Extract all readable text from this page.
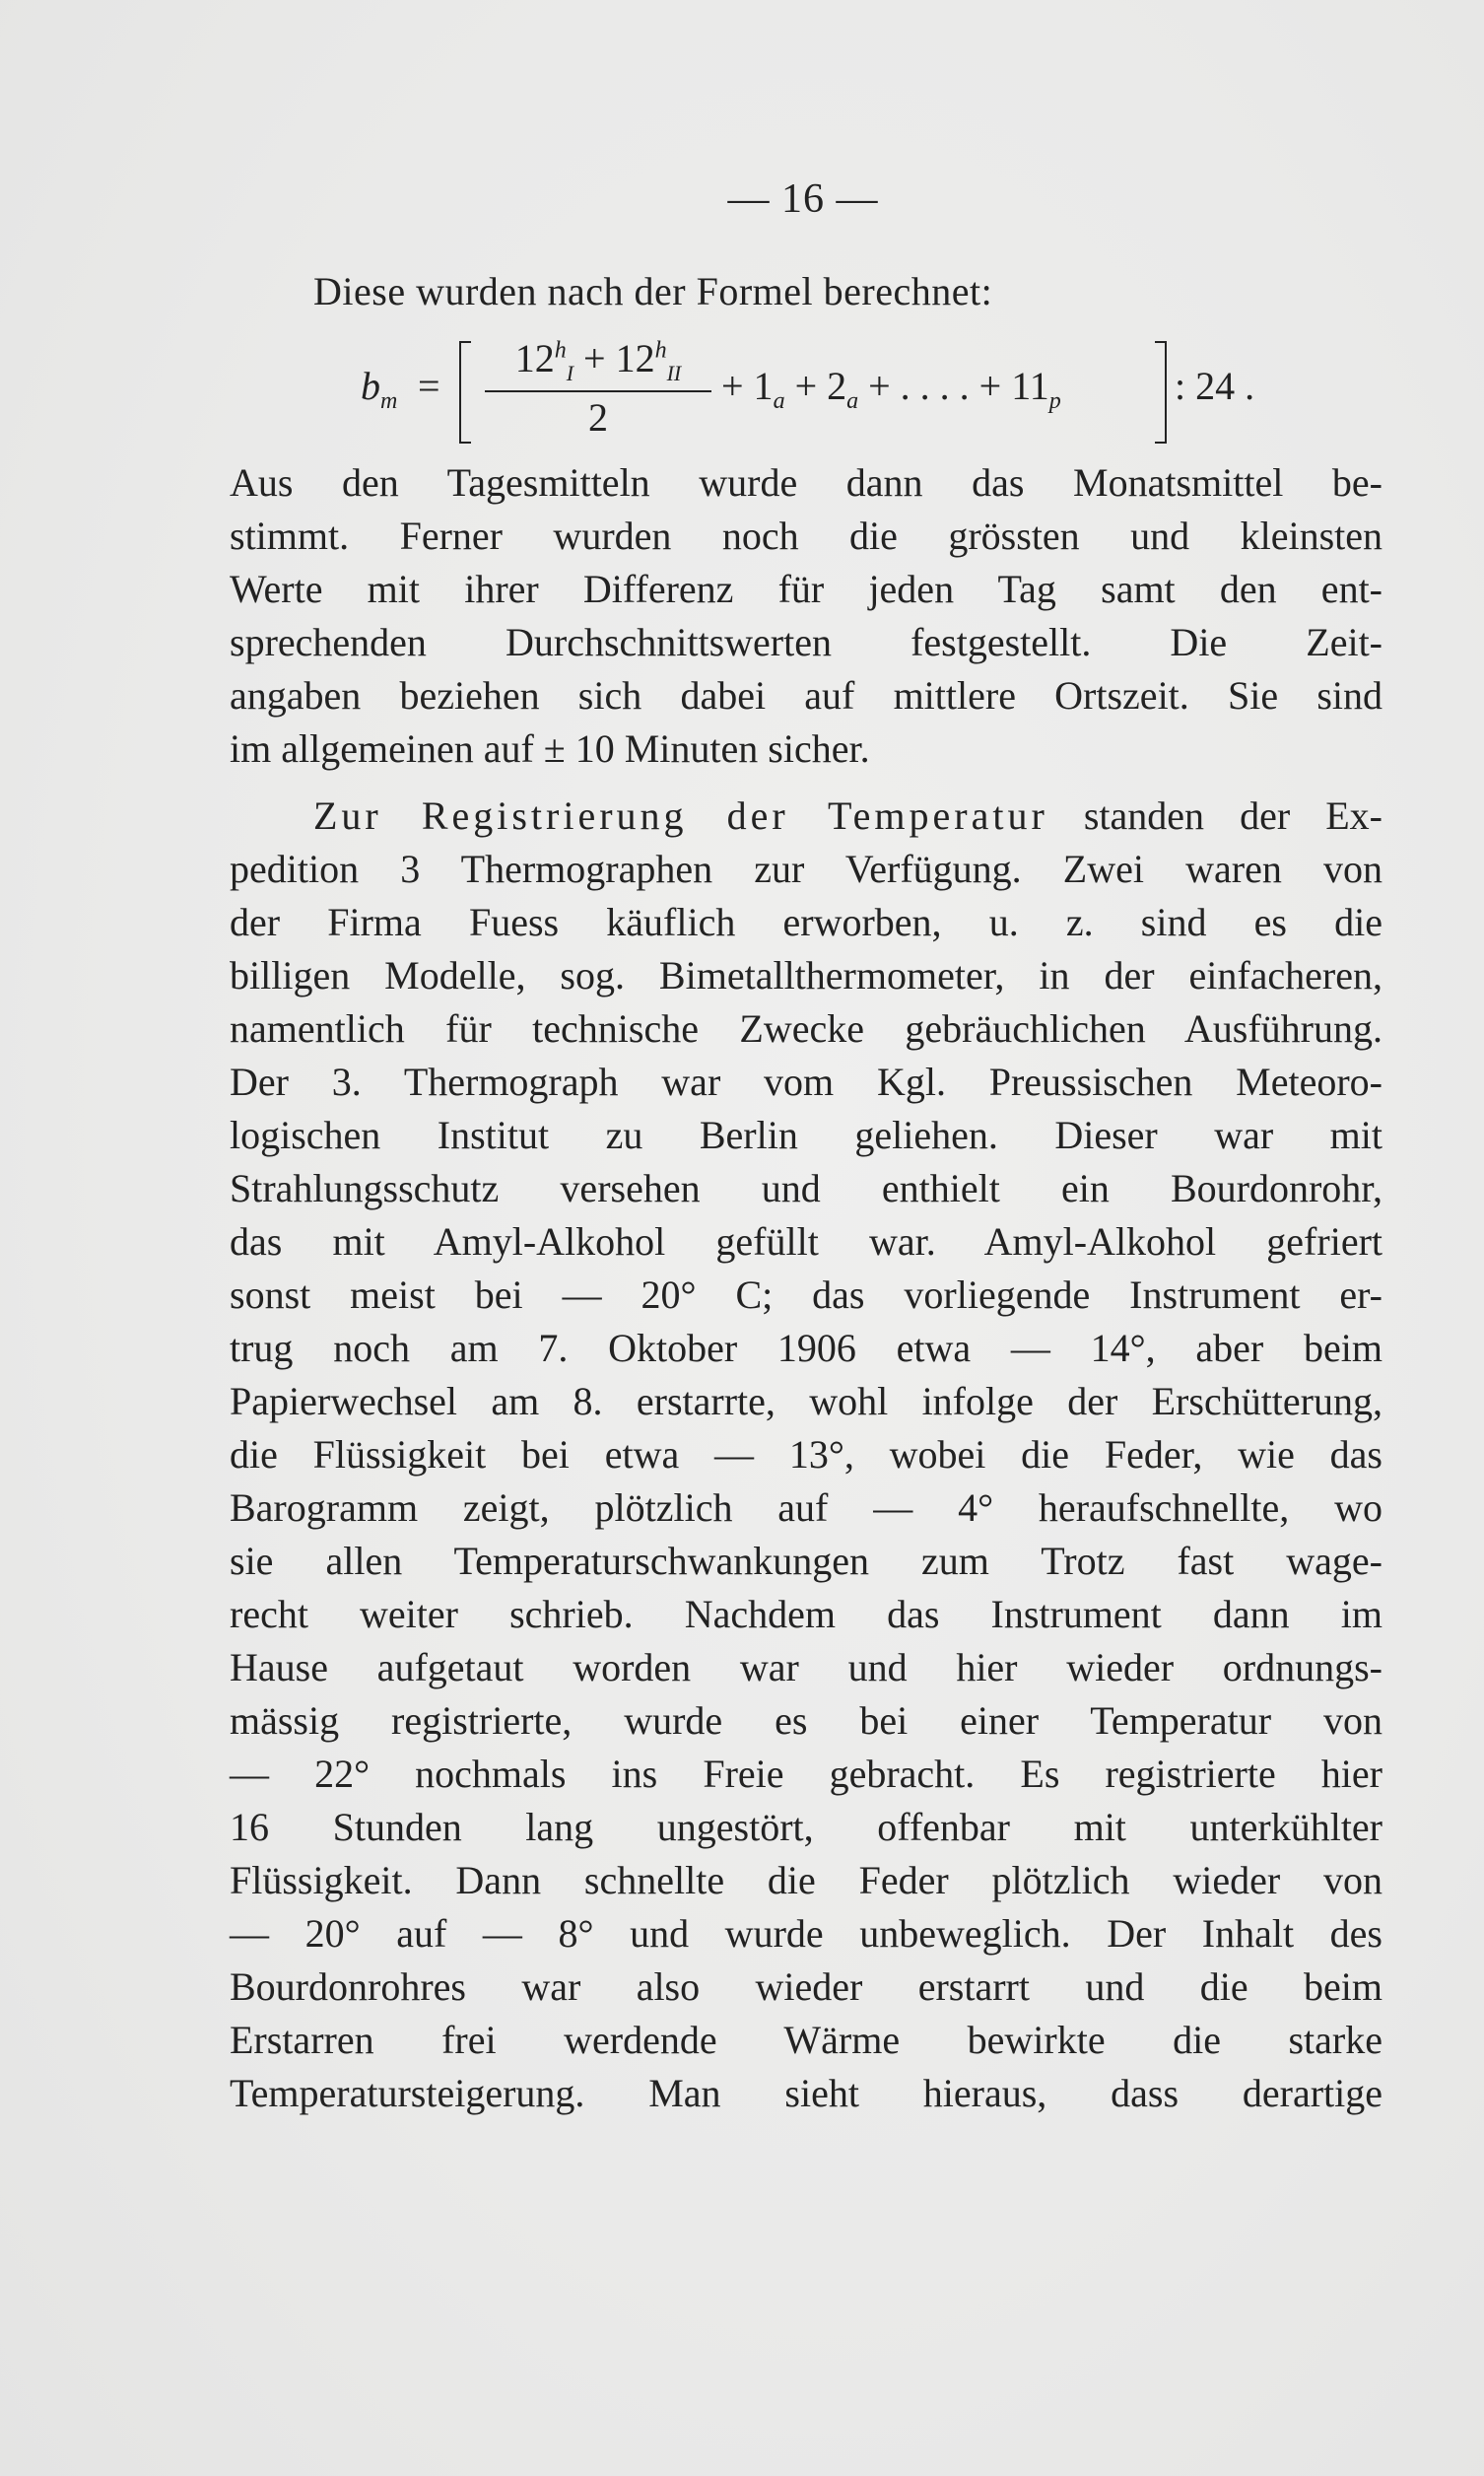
— 16 —
Diese wurden nach der Formel berechnet:
$b_m$ =
$12^h_I + 12^h_{II}$
2
+ $1_a + 2_a$ + . . . . + $11_p$	: 24 .
Aus den Tagesmitteln wurde dann das Monatsmittel be-
stimmt. Ferner wurden noch die grössten und kleinsten
Werte mit ihrer Differenz für jeden Tag samt den ent-
sprechenden Durchschnittswerten festgestellt. Die Zeit-
angaben beziehen sich dabei auf mittlere Ortszeit. Sie sind
im allgemeinen auf ± 10 Minuten sicher.
Zur Registrierung der Temperatur standen der Ex-
pedition 3 Thermographen zur Verfügung. Zwei waren von
der Firma Fuess käuflich erworben, u. z. sind es die
billigen Modelle, sog. Bimetallthermometer, in der einfacheren,
namentlich für technische Zwecke gebräuchlichen Ausführung.
Der 3. Thermograph war vom Kgl. Preussischen Meteoro-
logischen Institut zu Berlin geliehen. Dieser war mit
Strahlungsschutz versehen und enthielt ein Bourdonrohr,
das mit Amyl-Alkohol gefüllt war. Amyl-Alkohol gefriert
sonst meist bei — 20° C; das vorliegende Instrument er-
trug noch am 7. Oktober 1906 etwa — 14°, aber beim
Papierwechsel am 8. erstarrte, wohl infolge der Erschütterung,
die Flüssigkeit bei etwa — 13°, wobei die Feder, wie das
Barogramm zeigt, plötzlich auf — 4° heraufschnellte, wo
sie allen Temperaturschwankungen zum Trotz fast wage-
recht weiter schrieb. Nachdem das Instrument dann im
Hause aufgetaut worden war und hier wieder ordnungs-
mässig registrierte, wurde es bei einer Temperatur von
— 22° nochmals ins Freie gebracht. Es registrierte hier
16 Stunden lang ungestört, offenbar mit unterkühlter
Flüssigkeit. Dann schnellte die Feder plötzlich wieder von
— 20° auf — 8° und wurde unbeweglich. Der Inhalt des
Bourdonrohres war also wieder erstarrt und die beim
Erstarren frei werdende Wärme bewirkte die starke
Temperatursteigerung. Man sieht hieraus, dass derartige
